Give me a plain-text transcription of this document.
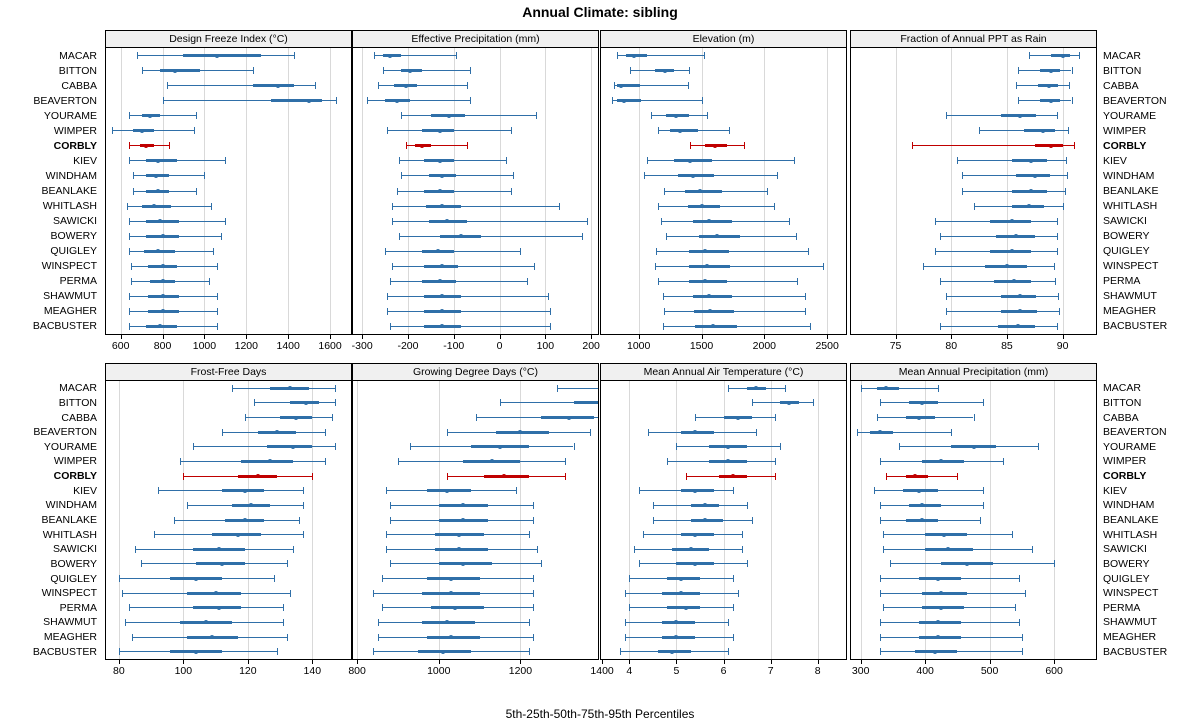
Annual Climate: sibling
5th-25th-50th-75th-95th Percentiles
Design Freeze Index (°C)
600 800 1000 1200 1400 1600
Effective Precipitation (mm)
-300 -200 -100	0	100	200
Elevation (m)
1000	1500	2000	2500
Fraction of Annual PPT as Rain
75	80	85	90
Frost-Free Days
80	100	120	140
Growing Degree Days (°C)
800	1000	1200	1400
Mean Annual Air Temperature (°C)
4	5	6	7	8
Mean Annual Precipitation (mm)
300	400	500	600
MACAR
BITTON
CABBA
BEAVERTON
YOURAME
WIMPER
CORBLY
KIEV
WINDHAM
BEANLAKE
WHITLASH
SAWICKI
BOWERY
QUIGLEY
WINSPECT
PERMA
SHAWMUT
MEAGHER
BACBUSTER
MACAR
BITTON
CABBA
BEAVERTON
YOURAME
WIMPER
CORBLY
KIEV
WINDHAM
BEANLAKE
WHITLASH
SAWICKI
BOWERY
QUIGLEY
WINSPECT
PERMA
SHAWMUT
MEAGHER
BACBUSTER
MACAR
BITTON
CABBA
BEAVERTON
YOURAME
WIMPER
CORBLY
KIEV
WINDHAM
BEANLAKE
WHITLASH
SAWICKI
BOWERY
QUIGLEY
WINSPECT
PERMA
SHAWMUT
MEAGHER
BACBUSTER
MACAR
BITTON
CABBA
BEAVERTON
YOURAME
WIMPER
CORBLY
KIEV
WINDHAM
BEANLAKE
WHITLASH
SAWICKI
BOWERY
QUIGLEY
WINSPECT
PERMA
SHAWMUT
MEAGHER
BACBUSTER
